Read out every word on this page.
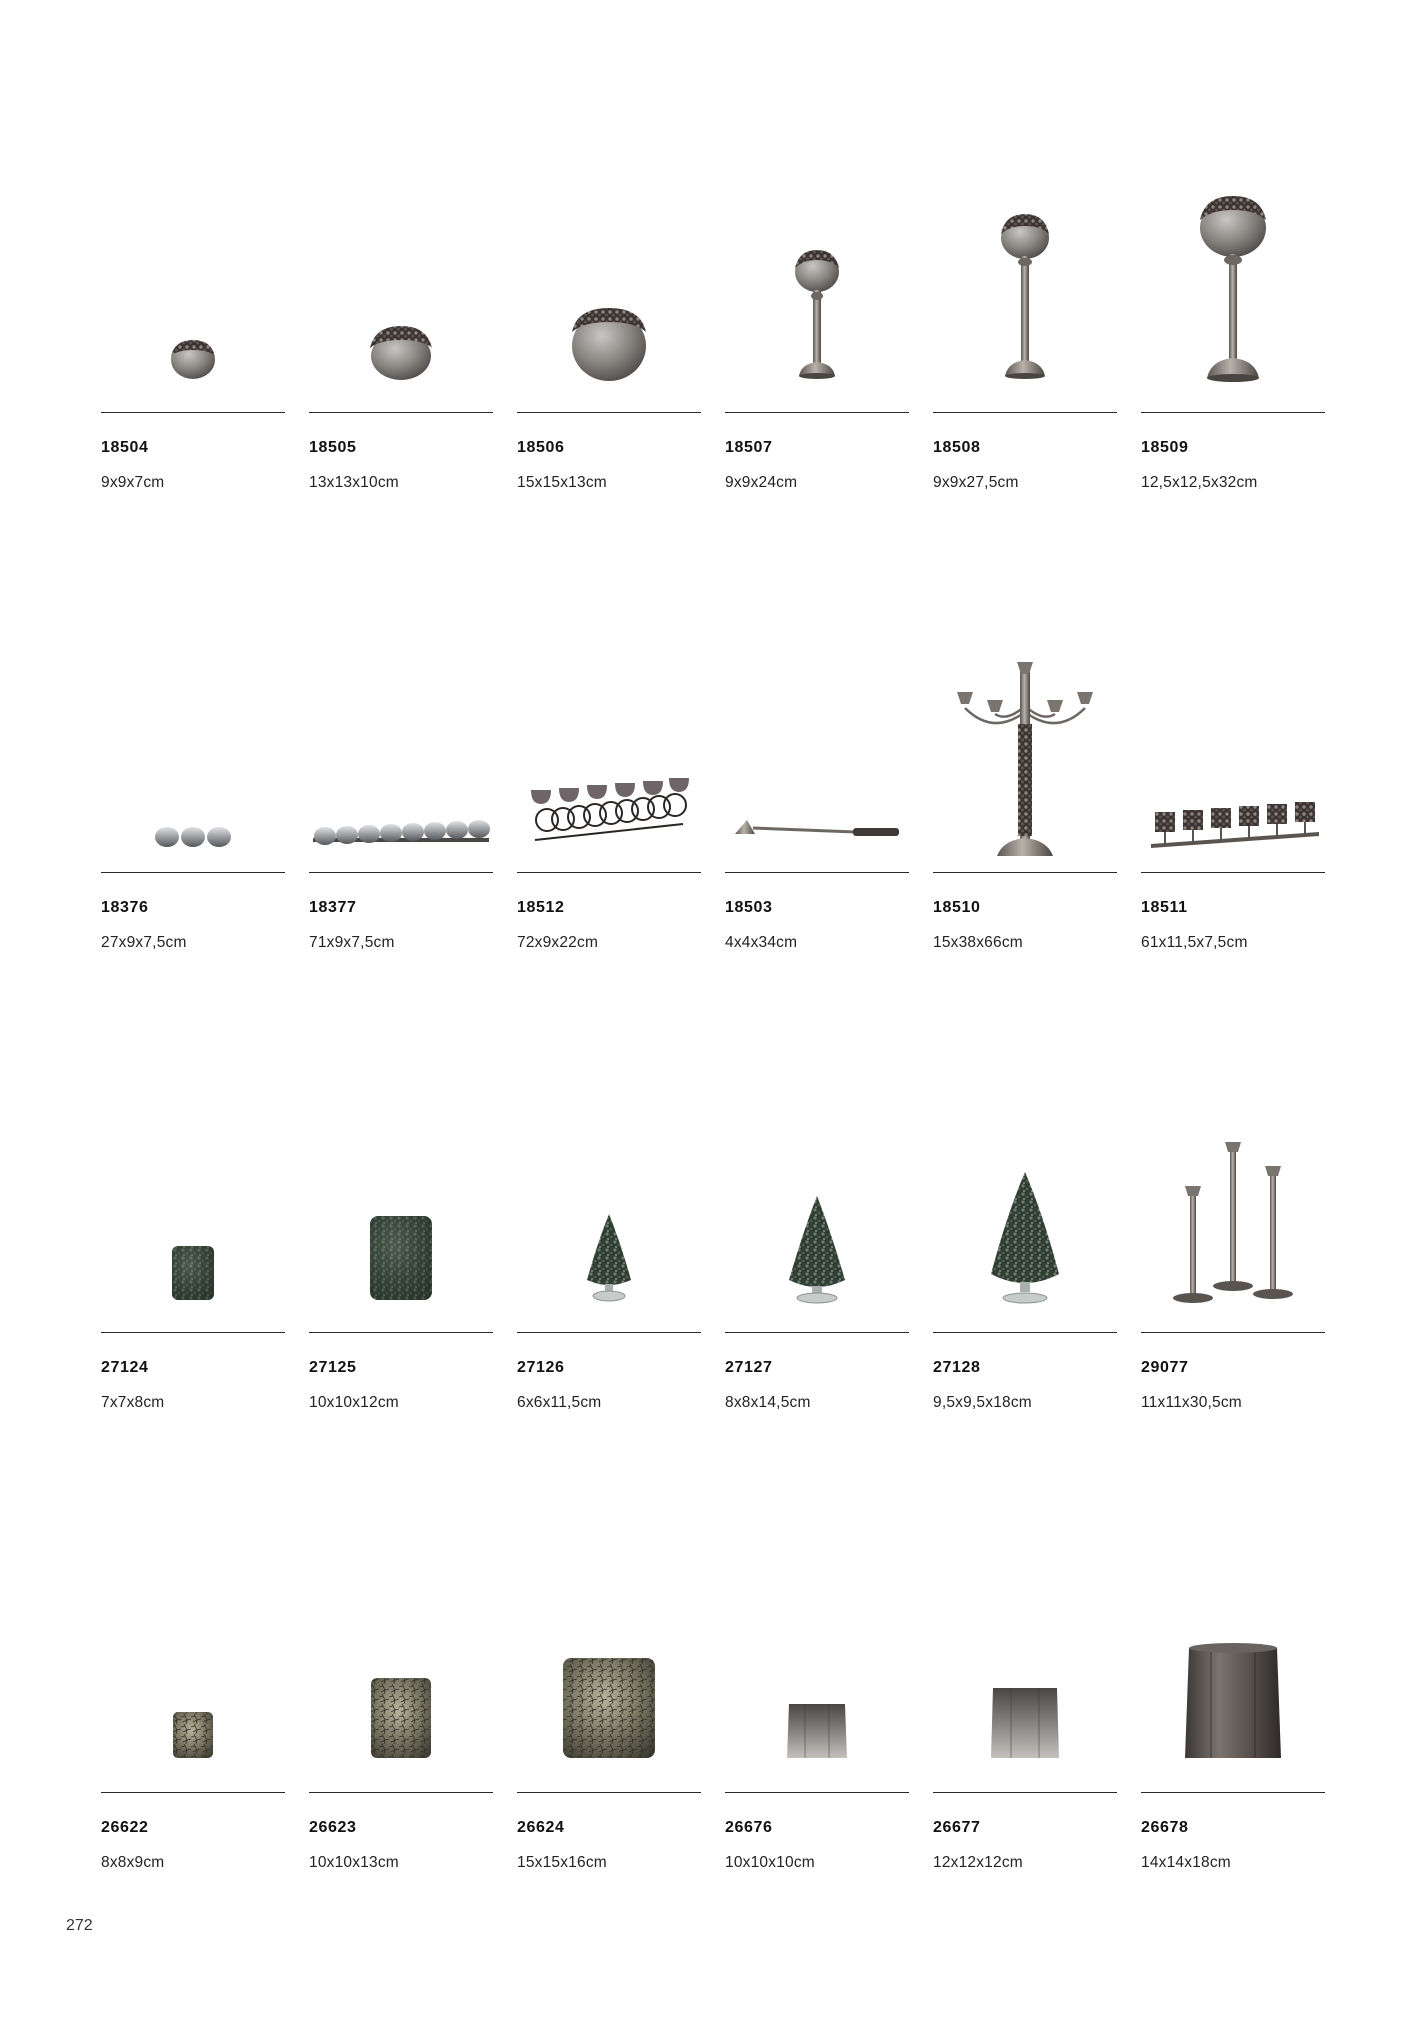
18504
9x9x7cm
18505
13x13x10cm
18506
15x15x13cm
18507
9x9x24cm
18508
9x9x27,5cm
18509
12,5x12,5x32cm
18376
27x9x7,5cm
18377
71x9x7,5cm
18512
72x9x22cm
18503
4x4x34cm
18510
15x38x66cm
18511
61x11,5x7,5cm
27124
7x7x8cm
27125
10x10x12cm
27126
6x6x11,5cm
27127
8x8x14,5cm
27128
9,5x9,5x18cm
29077
11x11x30,5cm
26622
8x8x9cm
26623
10x10x13cm
26624
15x15x16cm
26676
10x10x10cm
26677
12x12x12cm
26678
14x14x18cm
272
